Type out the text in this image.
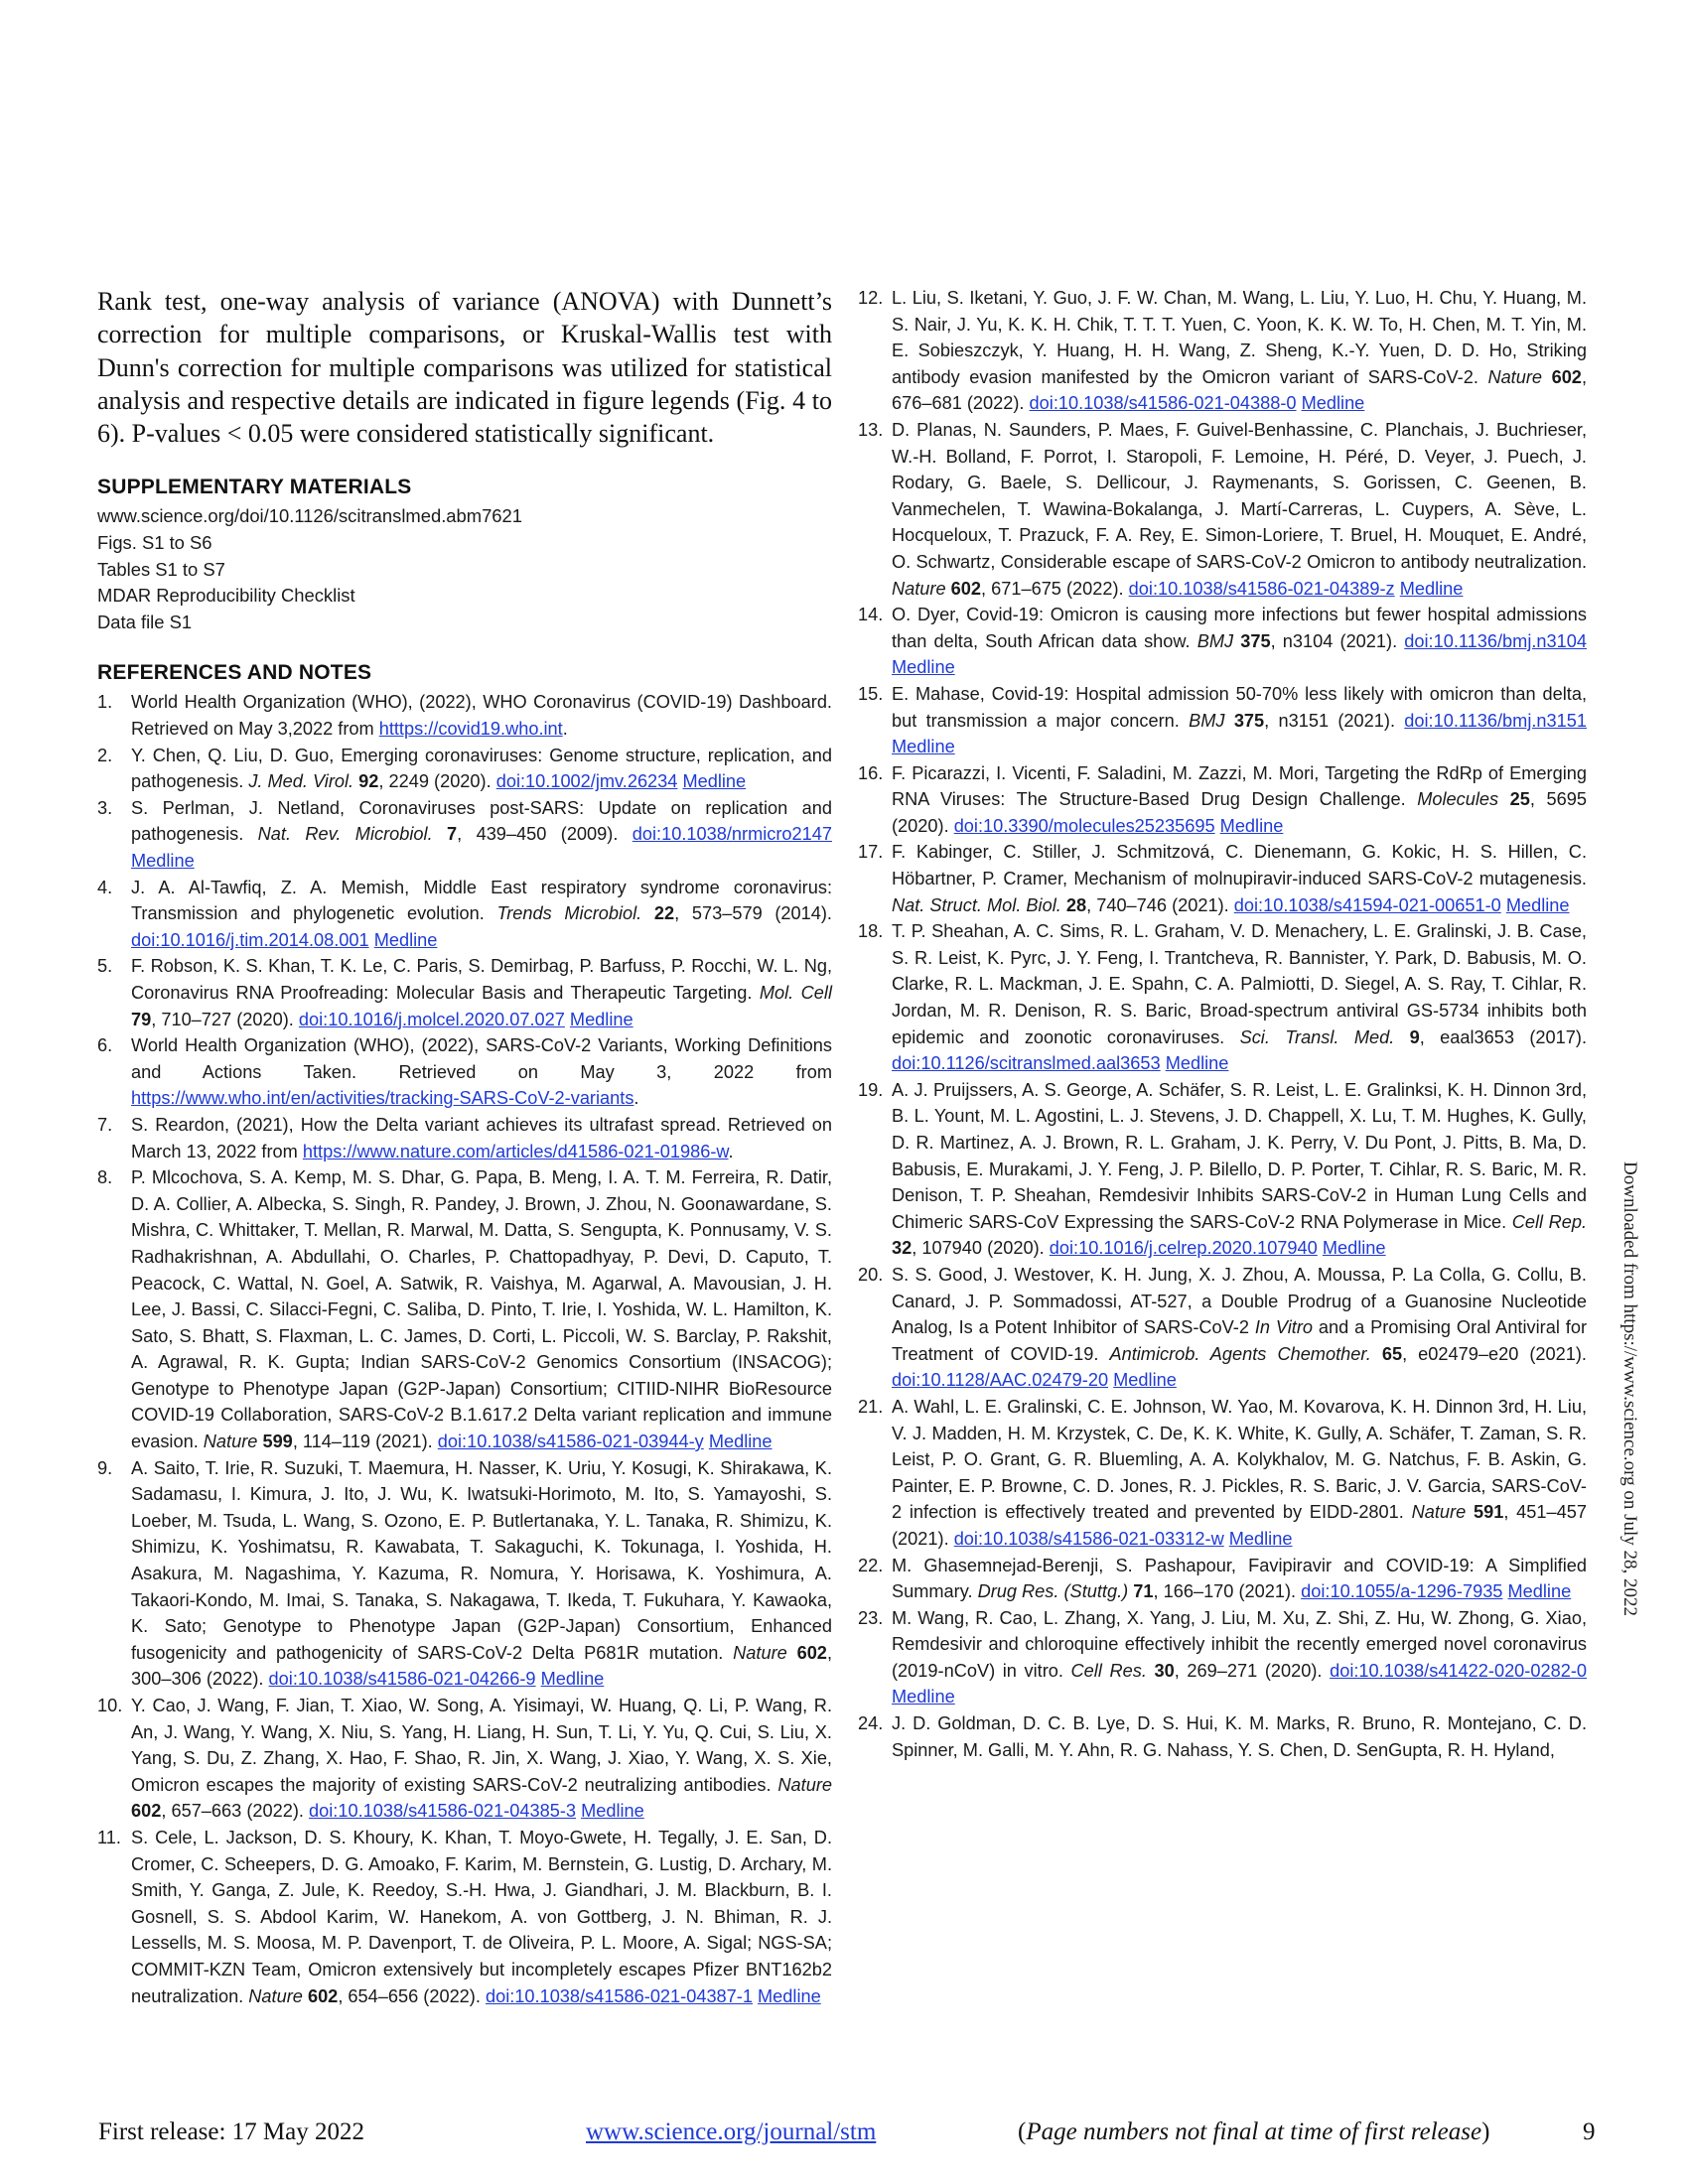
Rank test, one-way analysis of variance (ANOVA) with Dunnett’s correction for multiple comparisons, or Kruskal-Wallis test with Dunn's correction for multiple comparisons was utilized for statistical analysis and respective details are indicated in figure legends (Fig. 4 to 6). P-values < 0.05 were considered statistically significant.

SUPPLEMENTARY MATERIALS
www.science.org/doi/10.1126/scitranslmed.abm7621
Figs. S1 to S6
Tables S1 to S7
MDAR Reproducibility Checklist
Data file S1
REFERENCES AND NOTES

1. World Health Organization (WHO), (2022), WHO Coronavirus (COVID-19) Dashboard. Retrieved on May 3,2022 from htttps://covid19.who.int.

2. Y. Chen, Q. Liu, D. Guo, Emerging coronaviruses: Genome structure, replication, and pathogenesis. J. Med. Virol. 92, 2249 (2020). doi:10.1002/jmv.26234 Medline

3. S. Perlman, J. Netland, Coronaviruses post-SARS: Update on replication and pathogenesis. Nat. Rev. Microbiol. 7, 439–450 (2009). doi:10.1038/nrmicro2147 Medline

4. J. A. Al-Tawfiq, Z. A. Memish, Middle East respiratory syndrome coronavirus: Transmission and phylogenetic evolution. Trends Microbiol. 22, 573–579 (2014). doi:10.1016/j.tim.2014.08.001 Medline

5. F. Robson, K. S. Khan, T. K. Le, C. Paris, S. Demirbag, P. Barfuss, P. Rocchi, W. L. Ng, Coronavirus RNA Proofreading: Molecular Basis and Therapeutic Targeting. Mol. Cell 79, 710–727 (2020). doi:10.1016/j.molcel.2020.07.027 Medline

6. World Health Organization (WHO), (2022), SARS-CoV-2 Variants, Working Definitions and Actions Taken. Retrieved on May 3, 2022 from https://www.who.int/en/activities/tracking-SARS-CoV-2-variants.

7. S. Reardon, (2021), How the Delta variant achieves its ultrafast spread. Retrieved on March 13, 2022 from https://www.nature.com/articles/d41586-021-01986-w.

8. P. Mlcochova, S. A. Kemp, M. S. Dhar, G. Papa, B. Meng, I. A. T. M. Ferreira, R. Datir, D. A. Collier, A. Albecka, S. Singh, R. Pandey, J. Brown, J. Zhou, N. Goonawardane, S. Mishra, C. Whittaker, T. Mellan, R. Marwal, M. Datta, S. Sengupta, K. Ponnusamy, V. S. Radhakrishnan, A. Abdullahi, O. Charles, P. Chattopadhyay, P. Devi, D. Caputo, T. Peacock, C. Wattal, N. Goel, A. Satwik, R. Vaishya, M. Agarwal, A. Mavousian, J. H. Lee, J. Bassi, C. Silacci-Fegni, C. Saliba, D. Pinto, T. Irie, I. Yoshida, W. L. Hamilton, K. Sato, S. Bhatt, S. Flaxman, L. C. James, D. Corti, L. Piccoli, W. S. Barclay, P. Rakshit, A. Agrawal, R. K. Gupta; Indian SARS-CoV-2 Genomics Consortium (INSACOG); Genotype to Phenotype Japan (G2P-Japan) Consortium; CITIID-NIHR BioResource COVID-19 Collaboration, SARS-CoV-2 B.1.617.2 Delta variant replication and immune evasion. Nature 599, 114–119 (2021). doi:10.1038/s41586-021-03944-y Medline

9. A. Saito, T. Irie, R. Suzuki, T. Maemura, H. Nasser, K. Uriu, Y. Kosugi, K. Shirakawa, K. Sadamasu, I. Kimura, J. Ito, J. Wu, K. Iwatsuki-Horimoto, M. Ito, S. Yamayoshi, S. Loeber, M. Tsuda, L. Wang, S. Ozono, E. P. Butlertanaka, Y. L. Tanaka, R. Shimizu, K. Shimizu, K. Yoshimatsu, R. Kawabata, T. Sakaguchi, K. Tokunaga, I. Yoshida, H. Asakura, M. Nagashima, Y. Kazuma, R. Nomura, Y. Horisawa, K. Yoshimura, A. Takaori-Kondo, M. Imai, S. Tanaka, S. Nakagawa, T. Ikeda, T. Fukuhara, Y. Kawaoka, K. Sato; Genotype to Phenotype Japan (G2P-Japan) Consortium, Enhanced fusogenicity and pathogenicity of SARS-CoV-2 Delta P681R mutation. Nature 602, 300–306 (2022). doi:10.1038/s41586-021-04266-9 Medline

10. Y. Cao, J. Wang, F. Jian, T. Xiao, W. Song, A. Yisimayi, W. Huang, Q. Li, P. Wang, R. An, J. Wang, Y. Wang, X. Niu, S. Yang, H. Liang, H. Sun, T. Li, Y. Yu, Q. Cui, S. Liu, X. Yang, S. Du, Z. Zhang, X. Hao, F. Shao, R. Jin, X. Wang, J. Xiao, Y. Wang, X. S. Xie, Omicron escapes the majority of existing SARS-CoV-2 neutralizing antibodies. Nature 602, 657–663 (2022). doi:10.1038/s41586-021-04385-3 Medline

11. S. Cele, L. Jackson, D. S. Khoury, K. Khan, T. Moyo-Gwete, H. Tegally, J. E. San, D. Cromer, C. Scheepers, D. G. Amoako, F. Karim, M. Bernstein, G. Lustig, D. Archary, M. Smith, Y. Ganga, Z. Jule, K. Reedoy, S.-H. Hwa, J. Giandhari, J. M. Blackburn, B. I. Gosnell, S. S. Abdool Karim, W. Hanekom, A. von Gottberg, J. N. Bhiman, R. J. Lessells, M. S. Moosa, M. P. Davenport, T. de Oliveira, P. L. Moore, A. Sigal; NGS-SA; COMMIT-KZN Team, Omicron extensively but incompletely escapes Pfizer BNT162b2 neutralization. Nature 602, 654–656 (2022). doi:10.1038/s41586-021-04387-1 Medline

12. L. Liu, S. Iketani, Y. Guo, J. F. W. Chan, M. Wang, L. Liu, Y. Luo, H. Chu, Y. Huang, M. S. Nair, J. Yu, K. K. H. Chik, T. T. T. Yuen, C. Yoon, K. K. W. To, H. Chen, M. T. Yin, M. E. Sobieszczyk, Y. Huang, H. H. Wang, Z. Sheng, K.-Y. Yuen, D. D. Ho, Striking antibody evasion manifested by the Omicron variant of SARS-CoV-2. Nature 602, 676–681 (2022). doi:10.1038/s41586-021-04388-0 Medline

13. D. Planas, N. Saunders, P. Maes, F. Guivel-Benhassine, C. Planchais, J. Buchrieser, W.-H. Bolland, F. Porrot, I. Staropoli, F. Lemoine, H. Péré, D. Veyer, J. Puech, J. Rodary, G. Baele, S. Dellicour, J. Raymenants, S. Gorissen, C. Geenen, B. Vanmechelen, T. Wawina-Bokalanga, J. Martí-Carreras, L. Cuypers, A. Sève, L. Hocqueloux, T. Prazuck, F. A. Rey, E. Simon-Loriere, T. Bruel, H. Mouquet, E. André, O. Schwartz, Considerable escape of SARS-CoV-2 Omicron to antibody neutralization. Nature 602, 671–675 (2022). doi:10.1038/s41586-021-04389-z Medline

14. O. Dyer, Covid-19: Omicron is causing more infections but fewer hospital admissions than delta, South African data show. BMJ 375, n3104 (2021). doi:10.1136/bmj.n3104 Medline

15. E. Mahase, Covid-19: Hospital admission 50-70% less likely with omicron than delta, but transmission a major concern. BMJ 375, n3151 (2021). doi:10.1136/bmj.n3151 Medline

16. F. Picarazzi, I. Vicenti, F. Saladini, M. Zazzi, M. Mori, Targeting the RdRp of Emerging RNA Viruses: The Structure-Based Drug Design Challenge. Molecules 25, 5695 (2020). doi:10.3390/molecules25235695 Medline

17. F. Kabinger, C. Stiller, J. Schmitzová, C. Dienemann, G. Kokic, H. S. Hillen, C. Höbartner, P. Cramer, Mechanism of molnupiravir-induced SARS-CoV-2 mutagenesis. Nat. Struct. Mol. Biol. 28, 740–746 (2021). doi:10.1038/s41594-021-00651-0 Medline

18. T. P. Sheahan, A. C. Sims, R. L. Graham, V. D. Menachery, L. E. Gralinski, J. B. Case, S. R. Leist, K. Pyrc, J. Y. Feng, I. Trantcheva, R. Bannister, Y. Park, D. Babusis, M. O. Clarke, R. L. Mackman, J. E. Spahn, C. A. Palmiotti, D. Siegel, A. S. Ray, T. Cihlar, R. Jordan, M. R. Denison, R. S. Baric, Broad-spectrum antiviral GS-5734 inhibits both epidemic and zoonotic coronaviruses. Sci. Transl. Med. 9, eaal3653 (2017). doi:10.1126/scitranslmed.aal3653 Medline

19. A. J. Pruijssers, A. S. George, A. Schäfer, S. R. Leist, L. E. Gralinksi, K. H. Dinnon 3rd, B. L. Yount, M. L. Agostini, L. J. Stevens, J. D. Chappell, X. Lu, T. M. Hughes, K. Gully, D. R. Martinez, A. J. Brown, R. L. Graham, J. K. Perry, V. Du Pont, J. Pitts, B. Ma, D. Babusis, E. Murakami, J. Y. Feng, J. P. Bilello, D. P. Porter, T. Cihlar, R. S. Baric, M. R. Denison, T. P. Sheahan, Remdesivir Inhibits SARS-CoV-2 in Human Lung Cells and Chimeric SARS-CoV Expressing the SARS-CoV-2 RNA Polymerase in Mice. Cell Rep. 32, 107940 (2020). doi:10.1016/j.celrep.2020.107940 Medline

20. S. S. Good, J. Westover, K. H. Jung, X. J. Zhou, A. Moussa, P. La Colla, G. Collu, B. Canard, J. P. Sommadossi, AT-527, a Double Prodrug of a Guanosine Nucleotide Analog, Is a Potent Inhibitor of SARS-CoV-2 In Vitro and a Promising Oral Antiviral for Treatment of COVID-19. Antimicrob. Agents Chemother. 65, e02479–e20 (2021). doi:10.1128/AAC.02479-20 Medline

21. A. Wahl, L. E. Gralinski, C. E. Johnson, W. Yao, M. Kovarova, K. H. Dinnon 3rd, H. Liu, V. J. Madden, H. M. Krzystek, C. De, K. K. White, K. Gully, A. Schäfer, T. Zaman, S. R. Leist, P. O. Grant, G. R. Bluemling, A. A. Kolykhalov, M. G. Natchus, F. B. Askin, G. Painter, E. P. Browne, C. D. Jones, R. J. Pickles, R. S. Baric, J. V. Garcia, SARS-CoV-2 infection is effectively treated and prevented by EIDD-2801. Nature 591, 451–457 (2021). doi:10.1038/s41586-021-03312-w Medline

22. M. Ghasemnejad-Berenji, S. Pashapour, Favipiravir and COVID-19: A Simplified Summary. Drug Res. (Stuttg.) 71, 166–170 (2021). doi:10.1055/a-1296-7935 Medline

23. M. Wang, R. Cao, L. Zhang, X. Yang, J. Liu, M. Xu, Z. Shi, Z. Hu, W. Zhong, G. Xiao, Remdesivir and chloroquine effectively inhibit the recently emerged novel coronavirus (2019-nCoV) in vitro. Cell Res. 30, 269–271 (2020). doi:10.1038/s41422-020-0282-0 Medline

24. J. D. Goldman, D. C. B. Lye, D. S. Hui, K. M. Marks, R. Bruno, R. Montejano, C. D. Spinner, M. Galli, M. Y. Ahn, R. G. Nahass, Y. S. Chen, D. SenGupta, R. H. Hyland,

Downloaded from https://www.science.org on July 28, 2022
First release: 17 May 2022	www.science.org/journal/stm	(Page numbers not final at time of first release)	9
